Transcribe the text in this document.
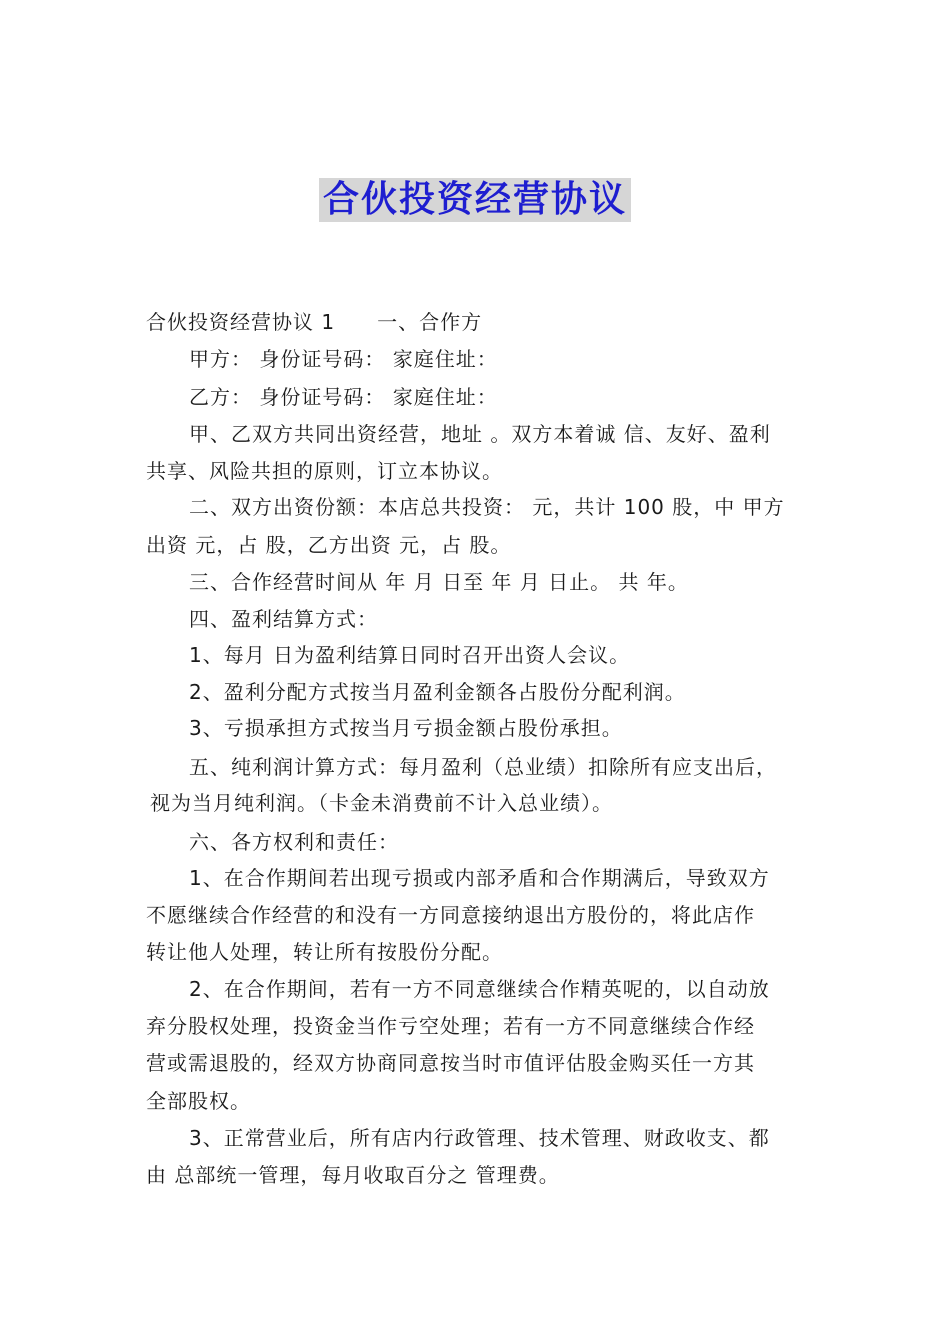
合伙投资经营协议
合伙投资经营协议 1　　一、合作方
甲方： 身份证号码： 家庭住址：
乙方： 身份证号码： 家庭住址：
甲、乙双方共同出资经营，地址 。双方本着诚 信、友好、盈利
共享、风险共担的原则，订立本协议。
二、双方出资份额：本店总共投资： 元，共计 100 股，中 甲方
出资 元，占 股，乙方出资 元，占 股。
三、合作经营时间从 年 月 日至 年 月 日止。 共 年。
四、盈利结算方式：
1、每月 日为盈利结算日同时召开出资人会议。
2、盈利分配方式按当月盈利金额各占股份分配利润。
3、亏损承担方式按当月亏损金额占股份承担。
五、纯利润计算方式：每月盈利（总业绩）扣除所有应支出后，
视为当月纯利润。（卡金未消费前不计入总业绩）。
六、各方权利和责任：
1、在合作期间若出现亏损或内部矛盾和合作期满后，导致双方
不愿继续合作经营的和没有一方同意接纳退出方股份的，将此店作
转让他人处理，转让所有按股份分配。
2、在合作期间，若有一方不同意继续合作精英呢的，以自动放
弃分股权处理，投资金当作亏空处理；若有一方不同意继续合作经
营或需退股的，经双方协商同意按当时市值评估股金购买任一方其
全部股权。
3、正常营业后，所有店内行政管理、技术管理、财政收支、都
由 总部统一管理，每月收取百分之 管理费。
